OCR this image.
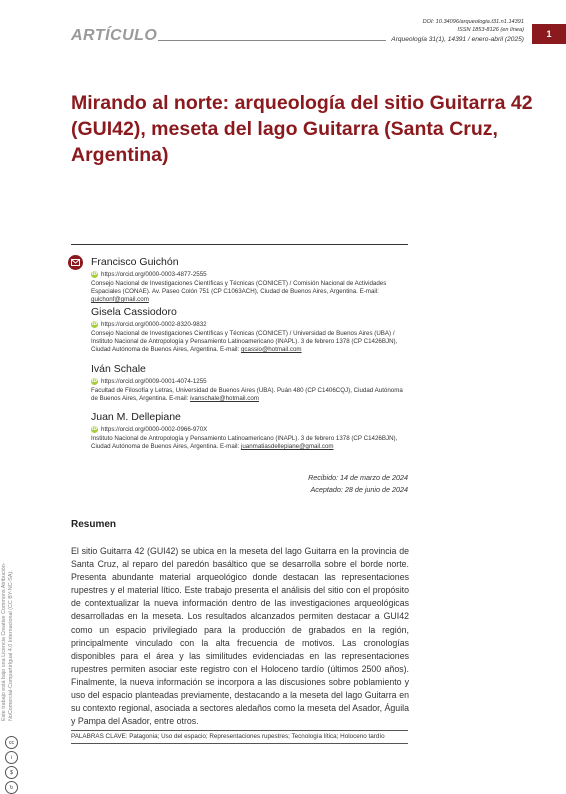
DOI: 10.34096/arqueologia.t31.n1.14391
ISSN 1853-8126 (en línea)
ARTÍCULO	Arqueología 31(1), 14391 / enero-abril (2025)
1
Mirando al norte: arqueología del sitio Guitarra 42 (GUI42), meseta del lago Guitarra (Santa Cruz, Argentina)
Francisco Guichón
iD https://orcid.org/0000-0003-4877-2555
Consejo Nacional de Investigaciones Científicas y Técnicas (CONICET) / Comisión Nacional de Actividades Espaciales (CONAE). Av. Paseo Colón 751 (CP C1063ACH), Ciudad de Buenos Aires, Argentina. E-mail: guichonf@gmail.com
Gisela Cassiodoro
iD https://orcid.org/0000-0002-8320-9832
Consejo Nacional de Investigaciones Científicas y Técnicas (CONICET) / Universidad de Buenos Aires (UBA) / Instituto Nacional de Antropología y Pensamiento Latinoamericano (INAPL). 3 de febrero 1378 (CP C1426BJN), Ciudad Autónoma de Buenos Aires, Argentina. E-mail: gcassio@hotmail.com
Iván Schale
iD https://orcid.org/0009-0001-4074-1255
Facultad de Filosofía y Letras, Universidad de Buenos Aires (UBA). Puán 480 (CP C1406CQJ), Ciudad Autónoma de Buenos Aires, Argentina. E-mail: ivanschale@hotmail.com
Juan M. Dellepiane
iD https://orcid.org/0000-0002-0966-970X
Instituto Nacional de Antropología y Pensamiento Latinoamericano (INAPL). 3 de febrero 1378 (CP C1426BJN), Ciudad Autónoma de Buenos Aires, Argentina. E-mail: juanmatiasdellepiane@gmail.com
Recibido: 14 de marzo de 2024
Aceptado: 28 de junio de 2024
Resumen
El sitio Guitarra 42 (GUI42) se ubica en la meseta del lago Guitarra en la provincia de Santa Cruz, al reparo del paredón basáltico que se desarrolla sobre el borde norte. Presenta abundante material arqueológico donde destacan las representaciones rupestres y el material lítico. Este trabajo presenta el análisis del sitio con el propósito de contextualizar la nueva información dentro de las investigaciones arqueológicas desarrolladas en la meseta. Los resultados alcanzados permiten destacar a GUI42 como un espacio privilegiado para la producción de grabados en la región, principalmente vinculado con la alta frecuencia de motivos. Las cronologías disponibles para el área y las similitudes evidenciadas en las representaciones rupestres permiten asociar este registro con el Holoceno tardío (últimos 2500 años). Finalmente, la nueva información se incorpora a las discusiones sobre poblamiento y uso del espacio planteadas previamente, destacando a la meseta del lago Guitarra en su contexto regional, asociada a sectores aledaños como la meseta del Asador, Águila y Pampa del Asador, entre otros.
PALABRAS CLAVE: Patagonia; Uso del espacio; Representaciones rupestres; Tecnología lítica; Holoceno tardío
Este trabajo está bajo una Licencia Creative Commons Atribución-NoComercial-CompartirIgual 4.0 Internacional (CC BY-NC-SA).
cc
i
$
↻
